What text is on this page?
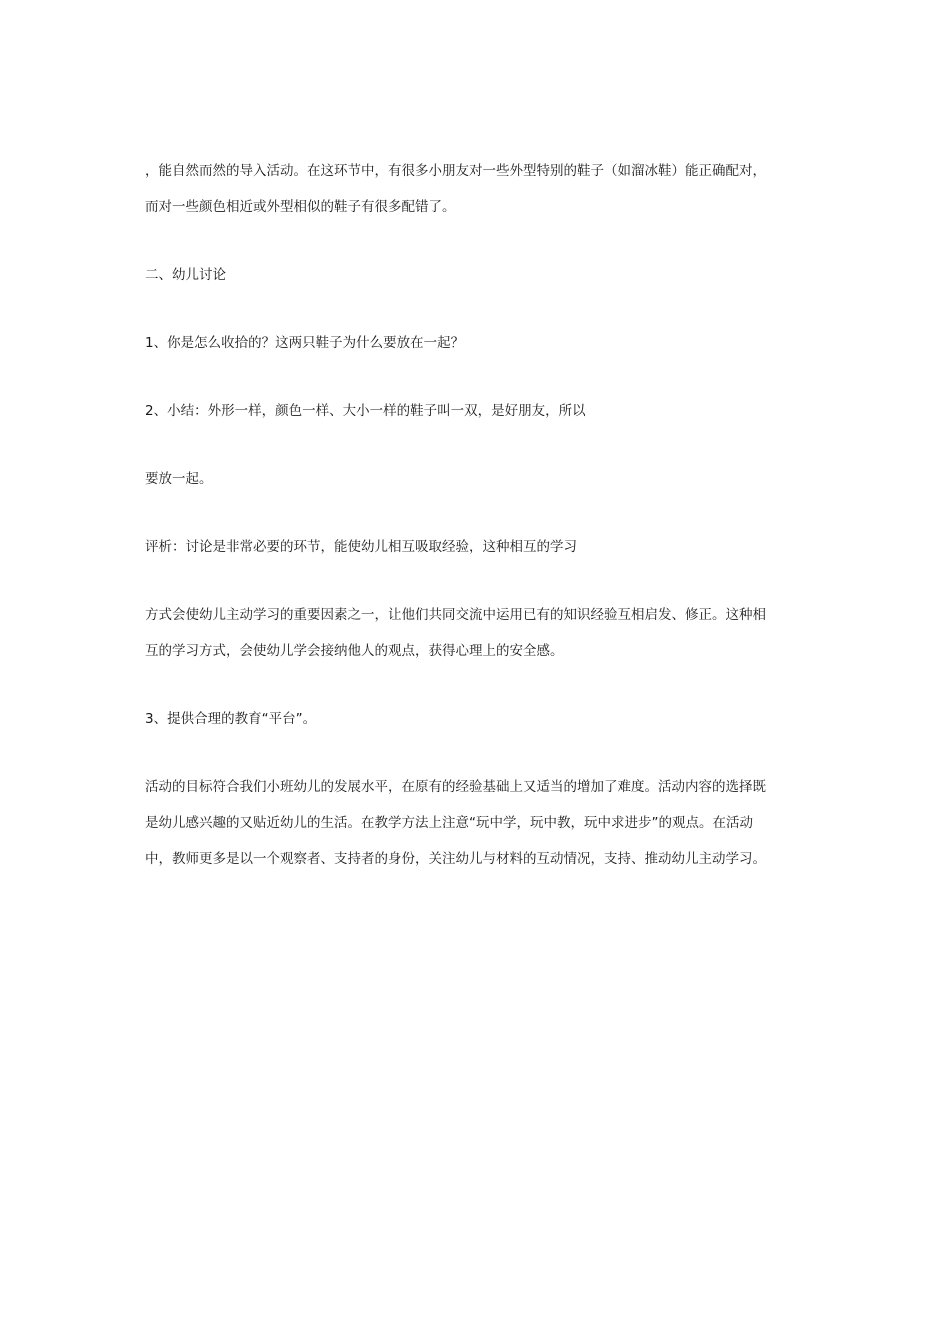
，能自然而然的导入活动。在这环节中，有很多小朋友对一些外型特别的鞋子（如溜冰鞋）能正确配对，
而对一些颜色相近或外型相似的鞋子有很多配错了。
二、幼儿讨论
1、你是怎么收拾的？这两只鞋子为什么要放在一起？
2、小结：外形一样，颜色一样、大小一样的鞋子叫一双，是好朋友，所以
要放一起。
评析：讨论是非常必要的环节，能使幼儿相互吸取经验，这种相互的学习
方式会使幼儿主动学习的重要因素之一，让他们共同交流中运用已有的知识经验互相启发、修正。这种相
互的学习方式，会使幼儿学会接纳他人的观点，获得心理上的安全感。
3、提供合理的教育“平台”。
活动的目标符合我们小班幼儿的发展水平，在原有的经验基础上又适当的增加了难度。活动内容的选择既
是幼儿感兴趣的又贴近幼儿的生活。在教学方法上注意“玩中学，玩中教，玩中求进步”的观点。在活动
中，教师更多是以一个观察者、支持者的身份，关注幼儿与材料的互动情况，支持、推动幼儿主动学习。
